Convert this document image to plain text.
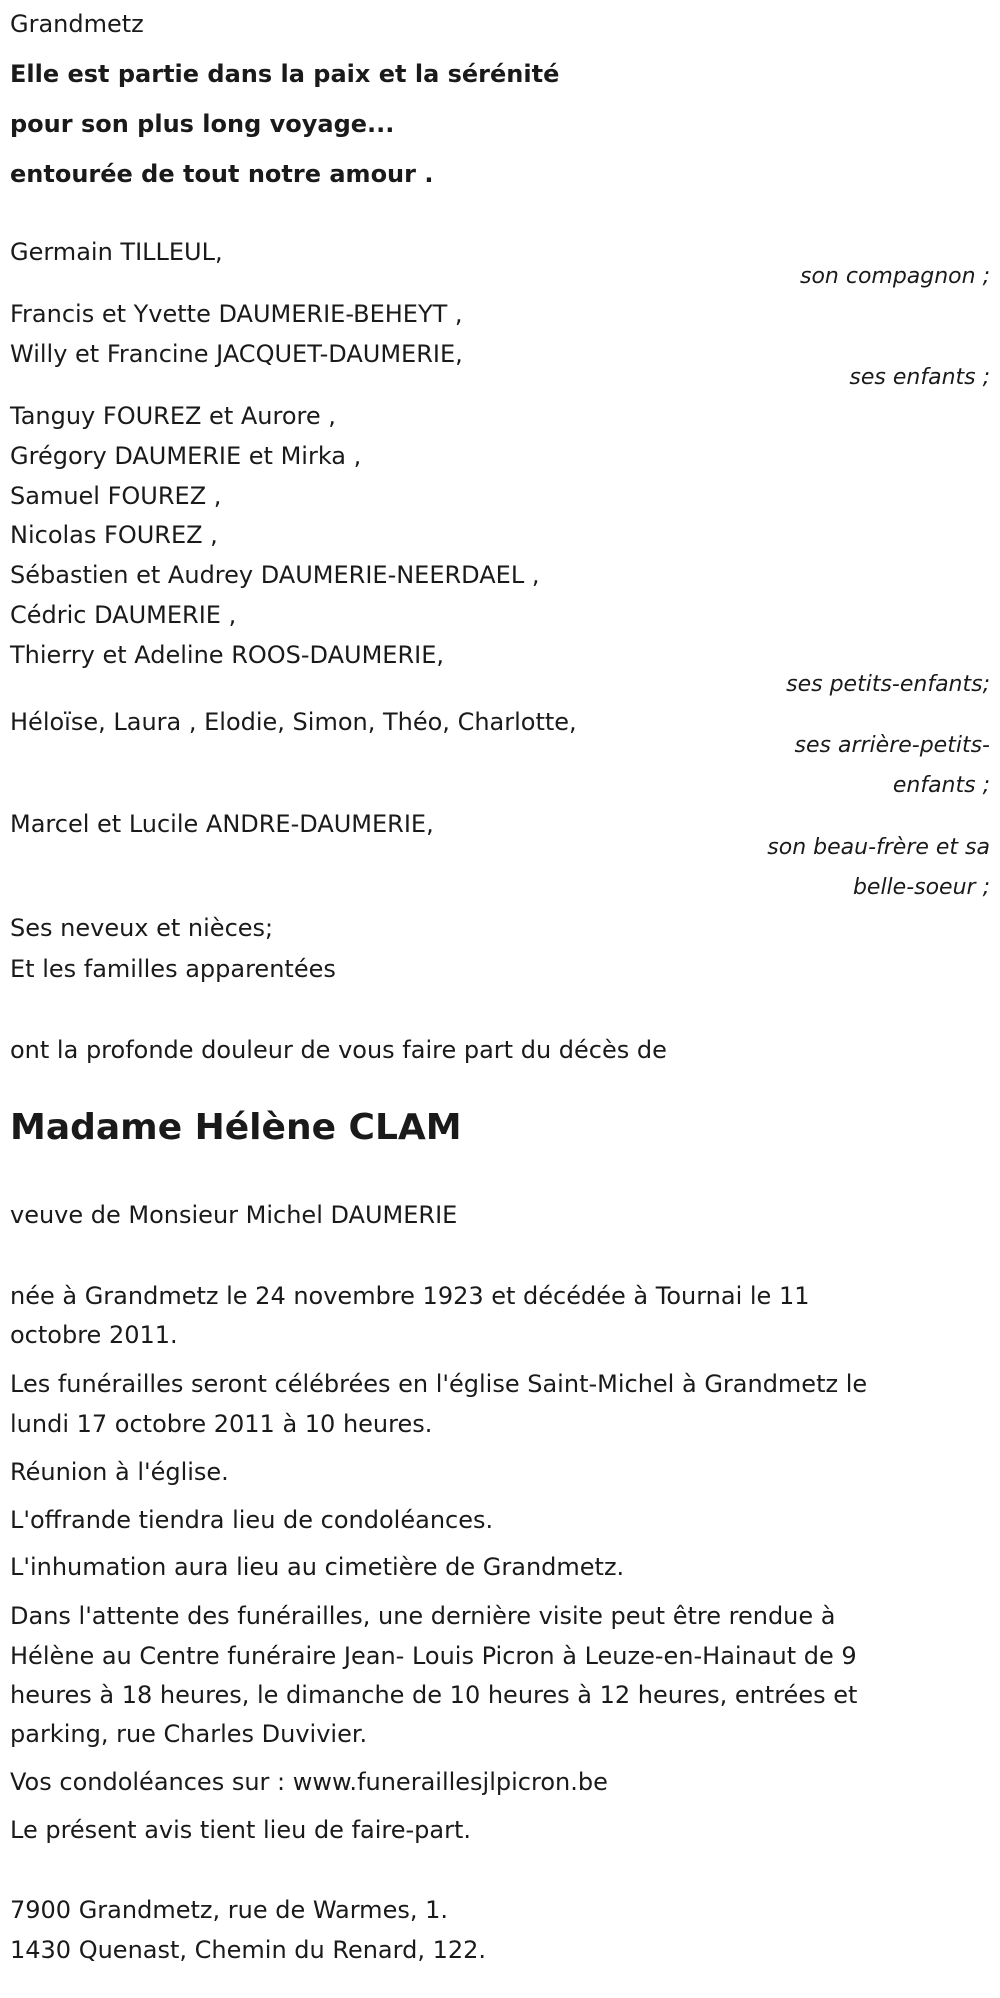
Grandmetz
Elle est partie dans la paix et la sérénité
pour son plus long voyage...
entourée de tout notre amour .
Germain TILLEUL,
son compagnon ;
Francis et Yvette DAUMERIE-BEHEYT ,
Willy et Francine JACQUET-DAUMERIE,
ses enfants ;
Tanguy FOUREZ et Aurore ,
Grégory DAUMERIE et Mirka ,
Samuel FOUREZ ,
Nicolas FOUREZ ,
Sébastien et Audrey DAUMERIE-NEERDAEL ,
Cédric DAUMERIE ,
Thierry et Adeline ROOS-DAUMERIE,
ses petits-enfants;
Héloïse, Laura , Elodie, Simon, Théo, Charlotte,
ses arrière-petits-
enfants ;
Marcel et Lucile ANDRE-DAUMERIE,
son beau-frère et sa
belle-soeur ;
Ses neveux et nièces;
Et les familles apparentées
ont la profonde douleur de vous faire part du décès de
Madame Hélène CLAM
veuve de Monsieur Michel DAUMERIE
née à Grandmetz le 24 novembre 1923 et décédée à Tournai le 11
octobre 2011.
Les funérailles seront célébrées en l'église Saint-Michel à Grandmetz le
lundi 17 octobre 2011 à 10 heures.
Réunion à l'église.
L'offrande tiendra lieu de condoléances.
L'inhumation aura lieu au cimetière de Grandmetz.
Dans l'attente des funérailles, une dernière visite peut être rendue à
Hélène au Centre funéraire Jean- Louis Picron à Leuze-en-Hainaut de 9
heures à 18 heures, le dimanche de 10 heures à 12 heures, entrées et
parking, rue Charles Duvivier.
Vos condoléances sur : www.funeraillesjlpicron.be
Le présent avis tient lieu de faire-part.
7900 Grandmetz, rue de Warmes, 1.
1430 Quenast, Chemin du Renard, 122.
